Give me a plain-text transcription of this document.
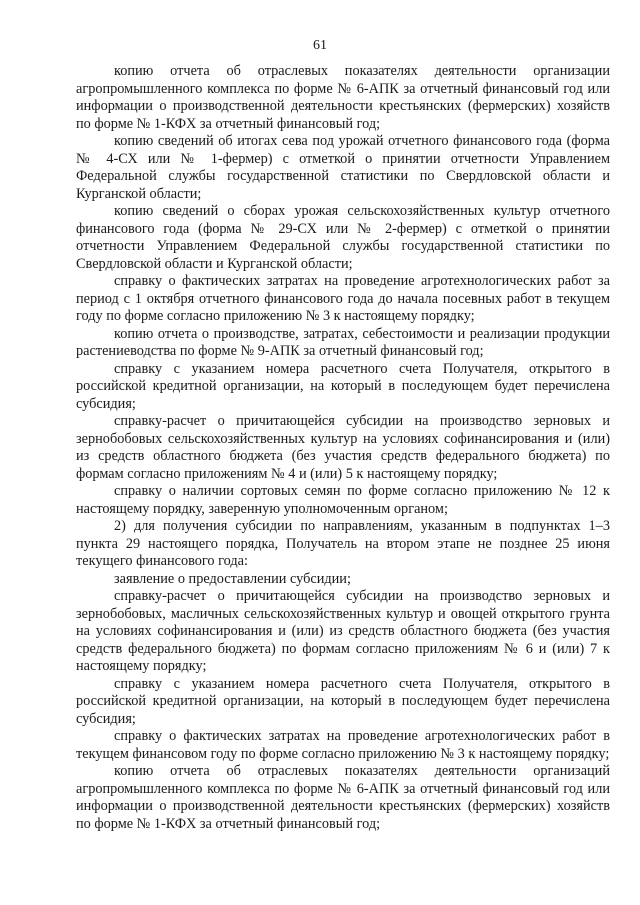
61

копию отчета об отраслевых показателях деятельности организации агропромышленного комплекса по форме № 6-АПК за отчетный финансовый год или информации о производственной деятельности крестьянских (фермерских) хозяйств по форме № 1-КФХ за отчетный финансовый год;

копию сведений об итогах сева под урожай отчетного финансового года (форма № 4-СХ или № 1-фермер) с отметкой о принятии отчетности Управлением Федеральной службы государственной статистики по Свердловской области и Курганской области;

копию сведений о сборах урожая сельскохозяйственных культур отчетного финансового года (форма № 29-СХ или № 2-фермер) с отметкой о принятии отчетности Управлением Федеральной службы государственной статистики по Свердловской области и Курганской области;

справку о фактических затратах на проведение агротехнологических работ за период с 1 октября отчетного финансового года до начала посевных работ в текущем году по форме согласно приложению № 3 к настоящему порядку;

копию отчета о производстве, затратах, себестоимости и реализации продукции растениеводства по форме № 9-АПК за отчетный финансовый год;

справку с указанием номера расчетного счета Получателя, открытого в российской кредитной организации, на который в последующем будет перечислена субсидия;

справку-расчет о причитающейся субсидии на производство зерновых и зернобобовых сельскохозяйственных культур на условиях софинансирования и (или) из средств областного бюджета (без участия средств федерального бюджета) по формам согласно приложениям № 4 и (или) 5 к настоящему порядку;

справку о наличии сортовых семян по форме согласно приложению № 12 к настоящему порядку, заверенную уполномоченным органом;

2) для получения субсидии по направлениям, указанным в подпунктах 1–3 пункта 29 настоящего порядка, Получатель на втором этапе не позднее 25 июня текущего финансового года:

заявление о предоставлении субсидии;

справку-расчет о причитающейся субсидии на производство зерновых и зернобобовых, масличных сельскохозяйственных культур и овощей открытого грунта на условиях софинансирования и (или) из средств областного бюджета (без участия средств федерального бюджета) по формам согласно приложениям № 6 и (или) 7 к настоящему порядку;

справку с указанием номера расчетного счета Получателя, открытого в российской кредитной организации, на который в последующем будет перечислена субсидия;

справку о фактических затратах на проведение агротехнологических работ в текущем финансовом году по форме согласно приложению № 3 к настоящему порядку;

копию отчета об отраслевых показателях деятельности организаций агропромышленного комплекса по форме № 6-АПК за отчетный финансовый год или информации о производственной деятельности крестьянских (фермерских) хозяйств по форме № 1-КФХ за отчетный финансовый год;
